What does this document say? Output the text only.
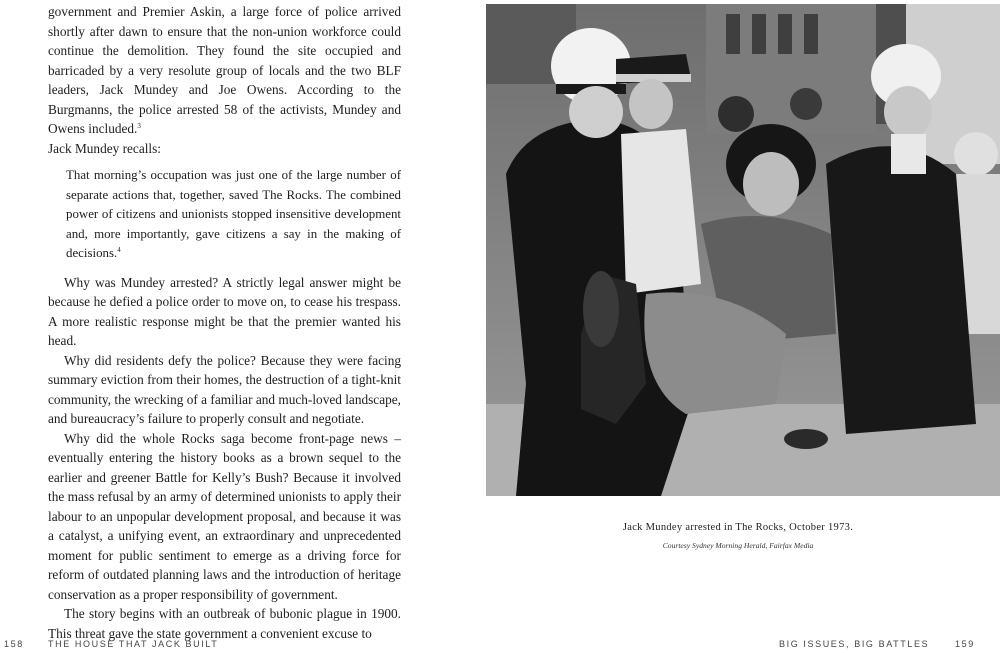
government and Premier Askin, a large force of police arrived shortly after dawn to ensure that the non-union workforce could continue the demolition. They found the site occupied and barricaded by a very resolute group of locals and the two BLF leaders, Jack Mundey and Joe Owens. According to the Burgmanns, the police arrested 58 of the activists, Mundey and Owens included.$^3$

Jack Mundey recalls:

That morning’s occupation was just one of the large number of separate actions that, together, saved The Rocks. The combined power of citizens and unionists stopped insensitive development and, more importantly, gave citizens a say in the making of decisions.$^4$

Why was Mundey arrested? A strictly legal answer might be because he defied a police order to move on, to cease his trespass. A more realistic response might be that the premier wanted his head.

Why did residents defy the police? Because they were facing summary eviction from their homes, the destruction of a tight-knit community, the wrecking of a familiar and much-loved landscape, and bureaucracy’s failure to properly consult and negotiate.

Why did the whole Rocks saga become front-page news – eventually entering the history books as a brown sequel to the earlier and greener Battle for Kelly’s Bush? Because it involved the mass refusal by an army of determined unionists to apply their labour to an unpopular development proposal, and because it was a catalyst, a unifying event, an extraordinary and unprecedented moment for public sentiment to emerge as a driving force for reform of outdated planning laws and the introduction of heritage conservation as a proper responsibility of government.

The story begins with an outbreak of bubonic plague in 1900. This threat gave the state government a convenient excuse to

158	THE HOUSE THAT JACK BUILT
Jack Mundey arrested in The Rocks, October 1973.
Courtesy Sydney Morning Herald, Fairfax Media
BIG ISSUES, BIG BATTLES	159
